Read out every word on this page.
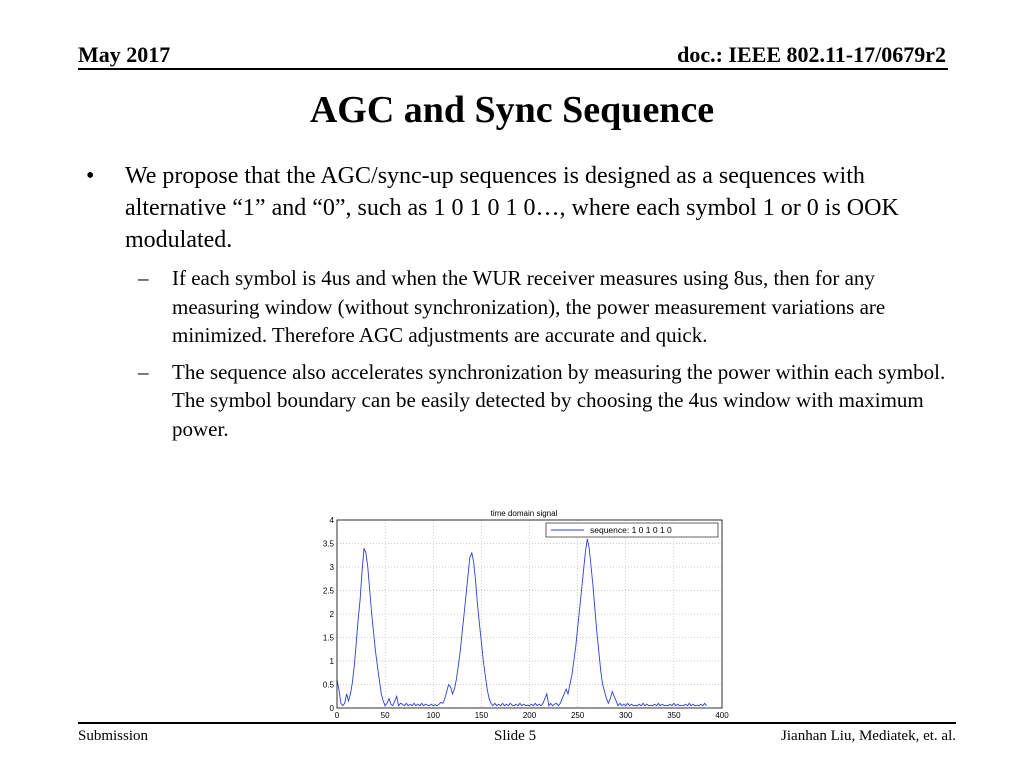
May 2017	doc.: IEEE 802.11-17/0679r2
AGC and Sync Sequence
• We propose that the AGC/sync-up sequences is designed as a sequences with alternative “1” and “0”, such as 1 0 1 0 1 0…, where each symbol 1 or 0 is OOK modulated.
– If each symbol is 4us and when the WUR receiver measures using 8us, then for any measuring window (without synchronization), the power measurement variations are minimized. Therefore AGC adjustments are accurate and quick.
– The sequence also accelerates synchronization by measuring the power within each symbol. The symbol boundary can be easily detected by choosing the 4us window with maximum power.
time domain signal
0	50	100	150	200	250	300	350	400
0
0.5
1
1.5
2
2.5
3
3.5
4
sequence: 1 0 1 0 1 0
Submission	Slide 5	Jianhan Liu, Mediatek, et. al.
